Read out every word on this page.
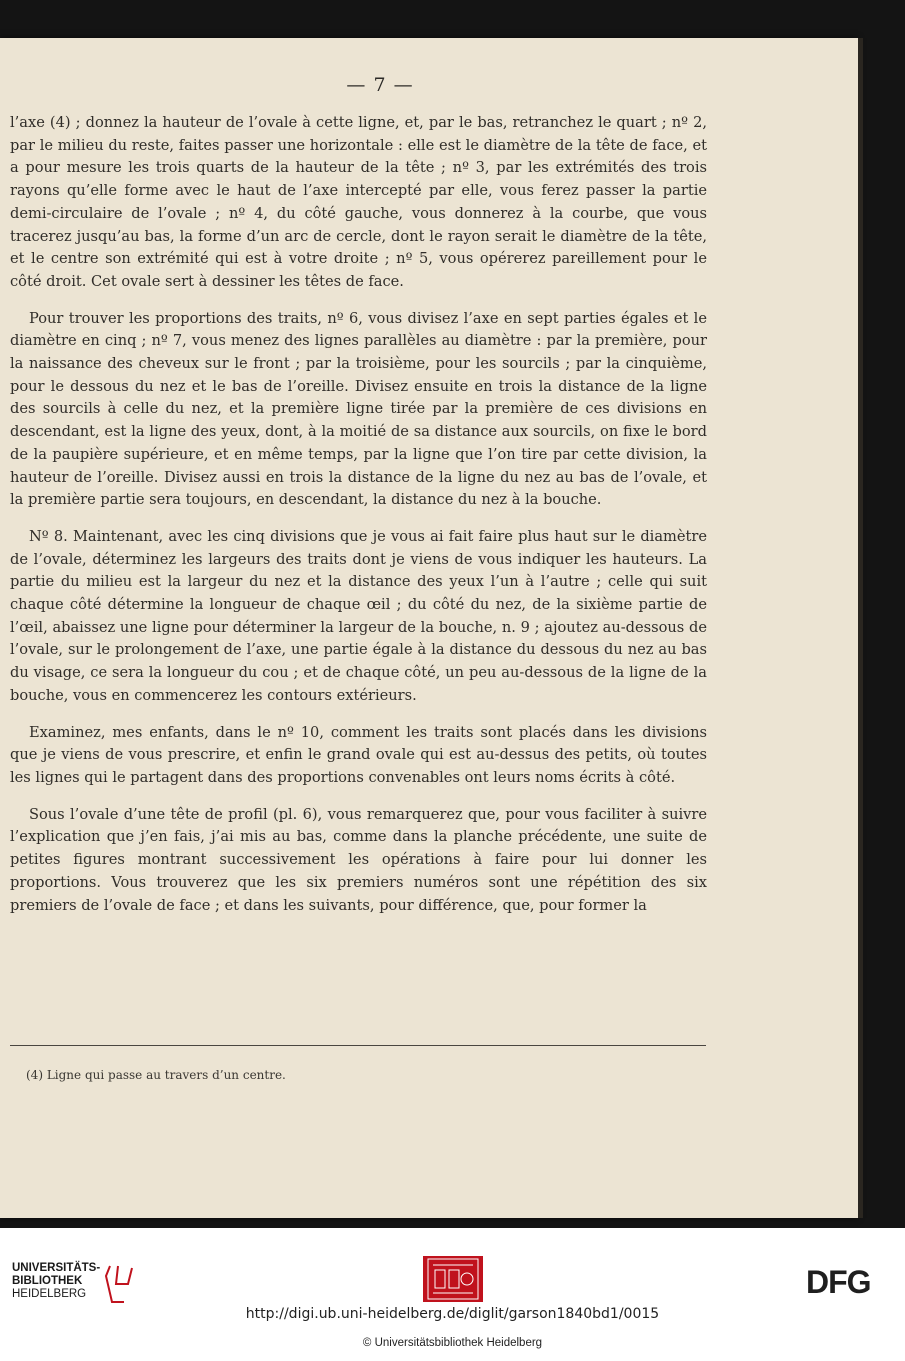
— 7 —

l’axe (4) ; donnez la hauteur de l’ovale à cette ligne, et, par le bas, retranchez le quart ; nº 2, par le milieu du reste, faites passer une horizontale : elle est le diamètre de la tête de face, et a pour mesure les trois quarts de la hauteur de la tête ; nº 3, par les extrémités des trois rayons qu’elle forme avec le haut de l’axe intercepté par elle, vous ferez passer la partie demi-circulaire de l’ovale ; nº 4, du côté gauche, vous donnerez à la courbe, que vous tracerez jusqu’au bas, la forme d’un arc de cercle, dont le rayon serait le diamètre de la tête, et le centre son extrémité qui est à votre droite ; nº 5, vous opérerez pareillement pour le côté droit. Cet ovale sert à dessiner les têtes de face.

Pour trouver les proportions des traits, nº 6, vous divisez l’axe en sept parties égales et le diamètre en cinq ; nº 7, vous menez des lignes parallèles au diamètre : par la première, pour la naissance des cheveux sur le front ; par la troisième, pour les sourcils ; par la cinquième, pour le dessous du nez et le bas de l’oreille. Divisez ensuite en trois la distance de la ligne des sourcils à celle du nez, et la première ligne tirée par la première de ces divisions en descendant, est la ligne des yeux, dont, à la moitié de sa distance aux sourcils, on fixe le bord de la paupière supérieure, et en même temps, par la ligne que l’on tire par cette division, la hauteur de l’oreille. Divisez aussi en trois la distance de la ligne du nez au bas de l’ovale, et la première partie sera toujours, en descendant, la distance du nez à la bouche.

Nº 8. Maintenant, avec les cinq divisions que je vous ai fait faire plus haut sur le diamètre de l’ovale, déterminez les largeurs des traits dont je viens de vous indiquer les hauteurs. La partie du milieu est la largeur du nez et la distance des yeux l’un à l’autre ; celle qui suit chaque côté détermine la longueur de chaque œil ; du côté du nez, de la sixième partie de l’œil, abaissez une ligne pour déterminer la largeur de la bouche, n. 9 ; ajoutez au-dessous de l’ovale, sur le prolongement de l’axe, une partie égale à la distance du dessous du nez au bas du visage, ce sera la longueur du cou ; et de chaque côté, un peu au-dessous de la ligne de la bouche, vous en commencerez les contours extérieurs.

Examinez, mes enfants, dans le nº 10, comment les traits sont placés dans les divisions que je viens de vous prescrire, et enfin le grand ovale qui est au-dessus des petits, où toutes les lignes qui le partagent dans des proportions convenables ont leurs noms écrits à côté.

Sous l’ovale d’une tête de profil (pl. 6), vous remarquerez que, pour vous faciliter à suivre l’explication que j’en fais, j’ai mis au bas, comme dans la planche précédente, une suite de petites figures montrant successivement les opérations à faire pour lui donner les proportions. Vous trouverez que les six premiers numéros sont une répétition des six premiers de l’ovale de face ; et dans les suivants, pour différence, que, pour former la

(4) Ligne qui passe au travers d’un centre.
UNIVERSITÄTS-
BIBLIOTHEK
HEIDELBERG	DFG
http://digi.ub.uni-heidelberg.de/diglit/garson1840bd1/0015
© Universitätsbibliothek Heidelberg
